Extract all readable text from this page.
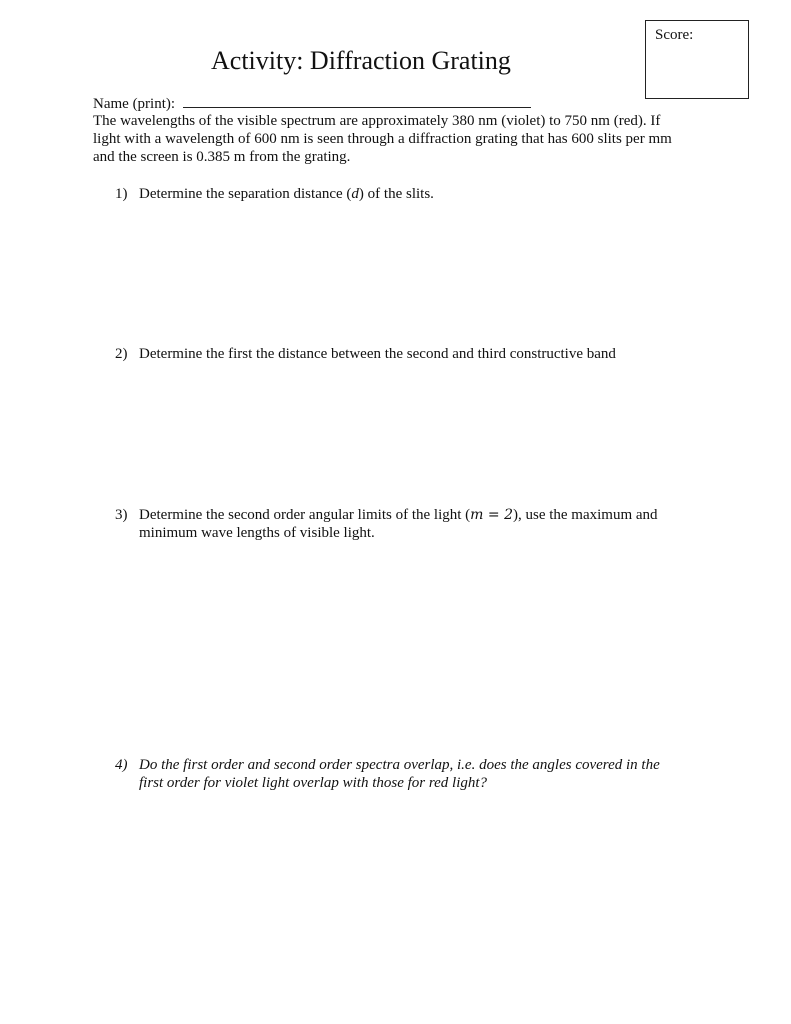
Score:
Activity: Diffraction Grating
Name (print):
The wavelengths of the visible spectrum are approximately 380 nm (violet) to 750 nm (red). If
light with a wavelength of 600 nm is seen through a diffraction grating that has 600 slits per mm
and the screen is 0.385 m from the grating.
1) Determine the separation distance (d) of the slits.
2) Determine the first the distance between the second and third constructive band
3) Determine the second order angular limits of the light (m = 2), use the maximum and
minimum wave lengths of visible light.
4) Do the first order and second order spectra overlap, i.e. does the angles covered in the
first order for violet light overlap with those for red light?
